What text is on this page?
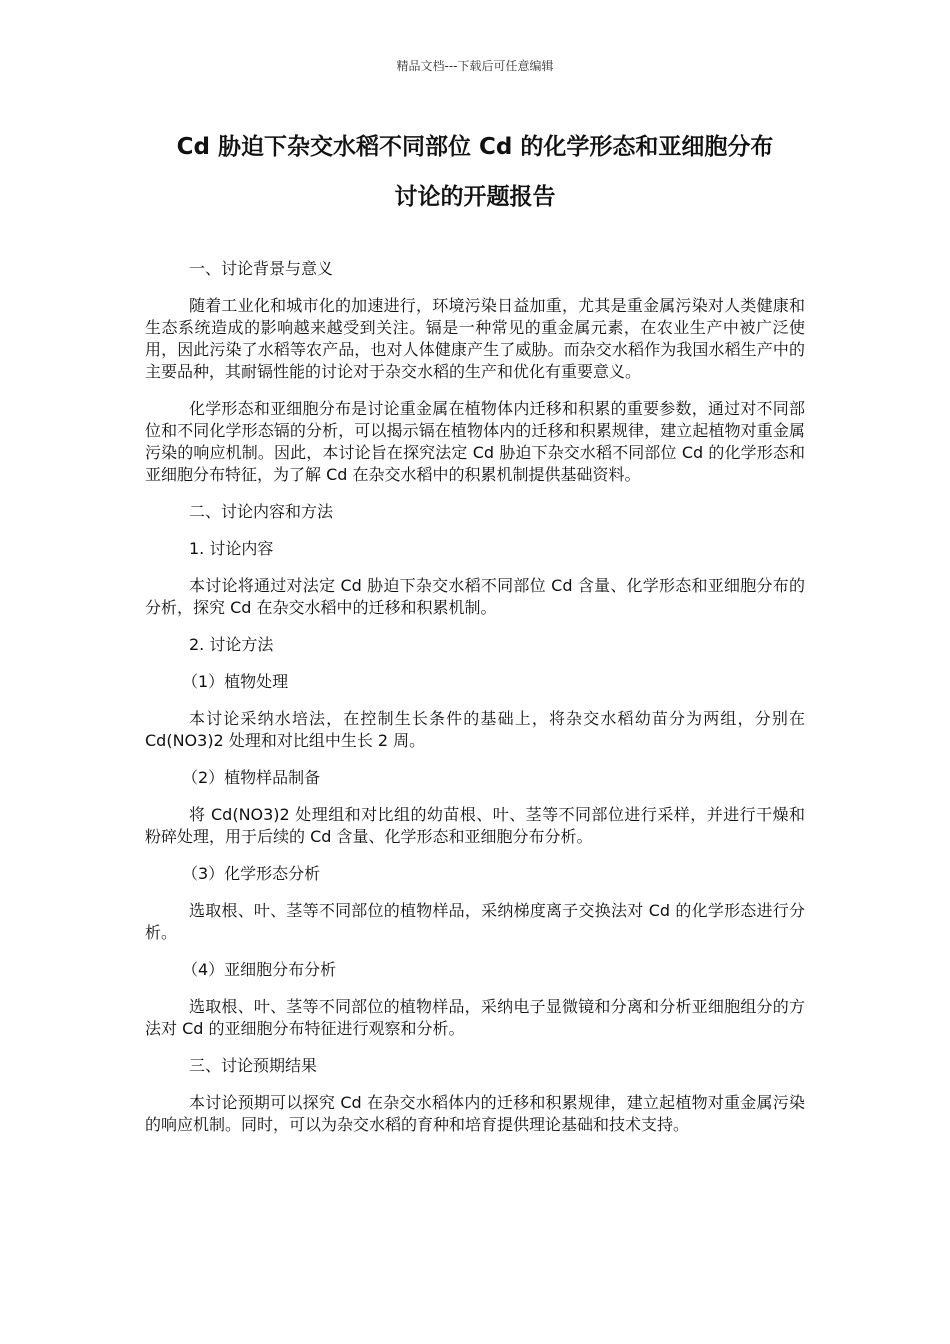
精品文档---下载后可任意编辑

Cd 胁迫下杂交水稻不同部位 Cd 的化学形态和亚细胞分布

讨论的开题报告

一、讨论背景与意义

随着工业化和城市化的加速进行，环境污染日益加重，尤其是重金属污染对人类健康和生态系统造成的影响越来越受到关注。镉是一种常见的重金属元素，在农业生产中被广泛使用，因此污染了水稻等农产品，也对人体健康产生了威胁。而杂交水稻作为我国水稻生产中的主要品种，其耐镉性能的讨论对于杂交水稻的生产和优化有重要意义。

化学形态和亚细胞分布是讨论重金属在植物体内迁移和积累的重要参数，通过对不同部位和不同化学形态镉的分析，可以揭示镉在植物体内的迁移和积累规律，建立起植物对重金属污染的响应机制。因此，本讨论旨在探究法定 Cd 胁迫下杂交水稻不同部位 Cd 的化学形态和亚细胞分布特征，为了解 Cd 在杂交水稻中的积累机制提供基础资料。

二、讨论内容和方法

1. 讨论内容

本讨论将通过对法定 Cd 胁迫下杂交水稻不同部位 Cd 含量、化学形态和亚细胞分布的分析，探究 Cd 在杂交水稻中的迁移和积累机制。

2. 讨论方法

（1）植物处理

本讨论采纳水培法，在控制生长条件的基础上，将杂交水稻幼苗分为两组，分别在 Cd(NO3)2 处理和对比组中生长 2 周。

（2）植物样品制备

将 Cd(NO3)2 处理组和对比组的幼苗根、叶、茎等不同部位进行采样，并进行干燥和粉碎处理，用于后续的 Cd 含量、化学形态和亚细胞分布分析。

（3）化学形态分析

选取根、叶、茎等不同部位的植物样品，采纳梯度离子交换法对 Cd 的化学形态进行分析。

（4）亚细胞分布分析

选取根、叶、茎等不同部位的植物样品，采纳电子显微镜和分离和分析亚细胞组分的方法对 Cd 的亚细胞分布特征进行观察和分析。

三、讨论预期结果

本讨论预期可以探究 Cd 在杂交水稻体内的迁移和积累规律，建立起植物对重金属污染的响应机制。同时，可以为杂交水稻的育种和培育提供理论基础和技术支持。
